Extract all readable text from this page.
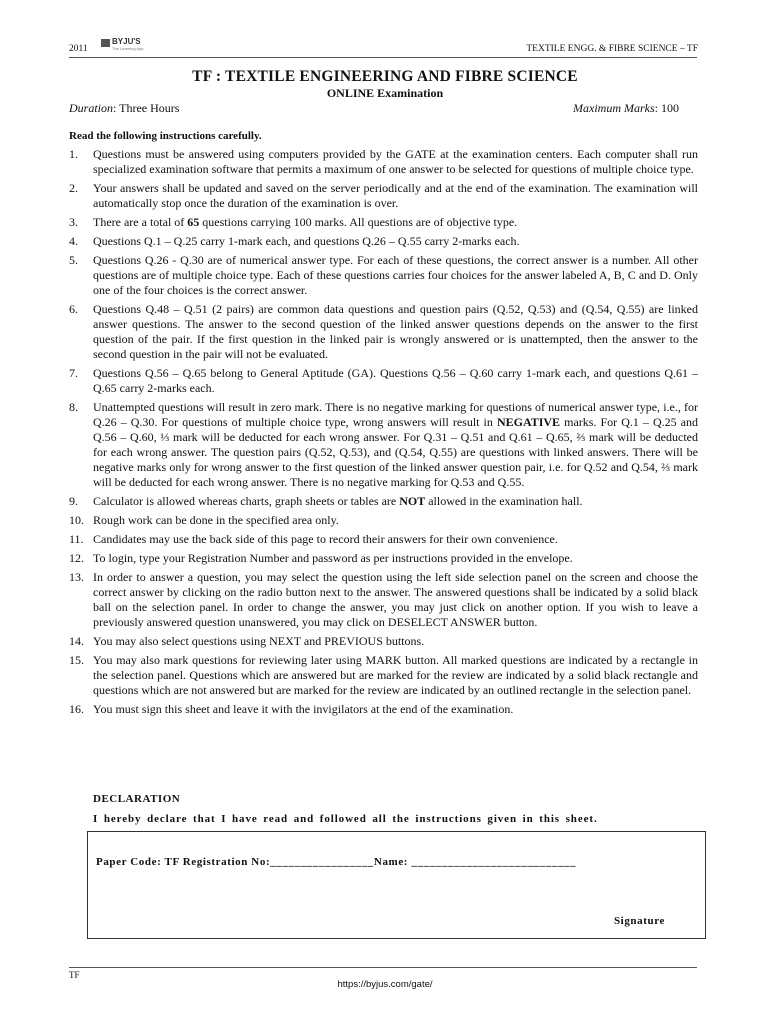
2011
BYJU'S
The Learning App	TEXTILE ENGG. & FIBRE SCIENCE – TF
TF : TEXTILE ENGINEERING AND FIBRE SCIENCE
ONLINE Examination
Duration: Three Hours	Maximum Marks: 100
Read the following instructions carefully.
1.	Questions must be answered using computers provided by the GATE at the examination centers. Each computer shall run specialized examination software that permits a maximum of one answer to be selected for questions of multiple choice type.
2.	Your answers shall be updated and saved on the server periodically and at the end of the examination. The examination will automatically stop once the duration of the examination is over.
3.	There are a total of 65 questions carrying 100 marks. All questions are of objective type.
4.	Questions Q.1 – Q.25 carry 1-mark each, and questions Q.26 – Q.55 carry 2-marks each.
5.	Questions Q.26 - Q.30 are of numerical answer type. For each of these questions, the correct answer is a number. All other questions are of multiple choice type. Each of these questions carries four choices for the answer labeled A, B, C and D. Only one of the four choices is the correct answer.
6.	Questions Q.48 – Q.51 (2 pairs) are common data questions and question pairs (Q.52, Q.53) and (Q.54, Q.55) are linked answer questions. The answer to the second question of the linked answer questions depends on the answer to the first question of the pair. If the first question in the linked pair is wrongly answered or is unattempted, then the answer to the second question in the pair will not be evaluated.
7.	Questions Q.56 – Q.65 belong to General Aptitude (GA). Questions Q.56 – Q.60 carry 1-mark each, and questions Q.61 – Q.65 carry 2-marks each.
8.	Unattempted questions will result in zero mark. There is no negative marking for questions of numerical answer type, i.e., for Q.26 – Q.30. For questions of multiple choice type, wrong answers will result in NEGATIVE marks. For Q.1 – Q.25 and Q.56 – Q.60, ⅓ mark will be deducted for each wrong answer. For Q.31 – Q.51 and Q.61 – Q.65, ⅔ mark will be deducted for each wrong answer. The question pairs (Q.52, Q.53), and (Q.54, Q.55) are questions with linked answers. There will be negative marks only for wrong answer to the first question of the linked answer question pair, i.e. for Q.52 and Q.54, ⅔ mark will be deducted for each wrong answer. There is no negative marking for Q.53 and Q.55.
9.	Calculator is allowed whereas charts, graph sheets or tables are NOT allowed in the examination hall.
10. Rough work can be done in the specified area only.
11. Candidates may use the back side of this page to record their answers for their own convenience.
12. To login, type your Registration Number and password as per instructions provided in the envelope.
13. In order to answer a question, you may select the question using the left side selection panel on the screen and choose the correct answer by clicking on the radio button next to the answer. The answered questions shall be indicated by a solid black ball on the selection panel. In order to change the answer, you may just click on another option. If you wish to leave a previously answered question unanswered, you may click on DESELECT ANSWER button.
14. You may also select questions using NEXT and PREVIOUS buttons.
15. You may also mark questions for reviewing later using MARK button. All marked questions are indicated by a rectangle in the selection panel. Questions which are answered but are marked for the review are indicated by a solid black rectangle and questions which are not answered but are marked for the review are indicated by an outlined rectangle in the selection panel.
16. You must sign this sheet and leave it with the invigilators at the end of the examination.
DECLARATION
I hereby declare that I have read and followed all the instructions given in this sheet.
Paper Code: TF Registration No:_________________Name: ___________________________
Signature
TF
https://byjus.com/gate/
